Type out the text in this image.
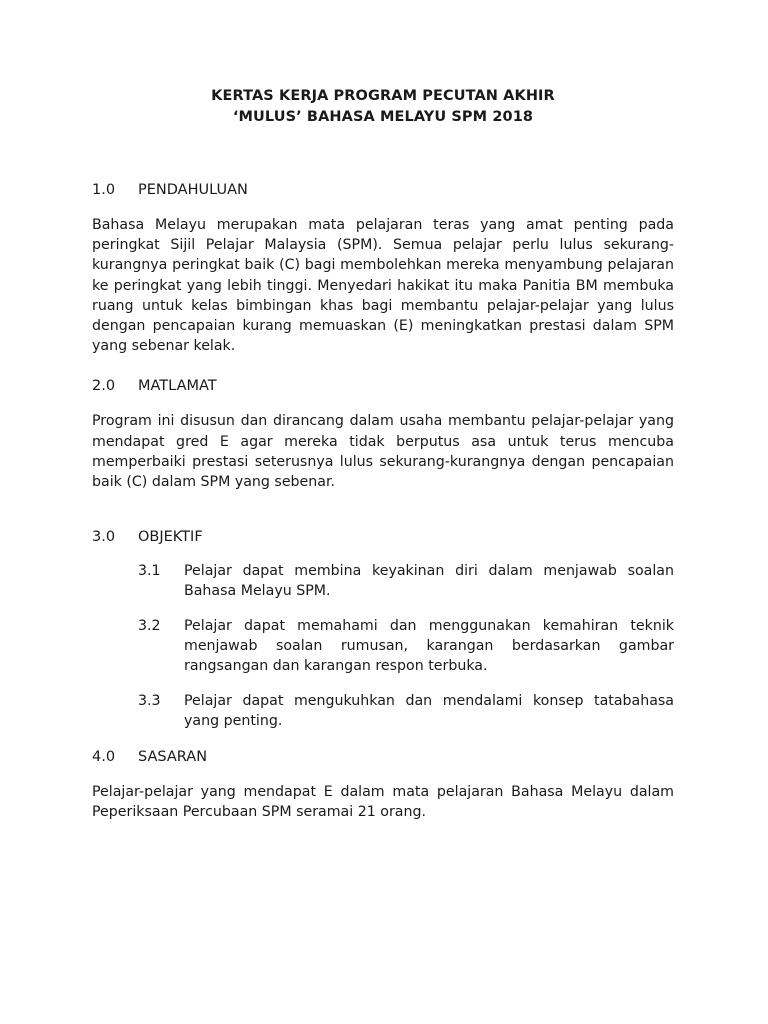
KERTAS KERJA PROGRAM PECUTAN AKHIR
‘MULUS’ BAHASA MELAYU SPM 2018
1.0	PENDAHULUAN

Bahasa Melayu merupakan mata pelajaran teras yang amat penting pada peringkat Sijil Pelajar Malaysia (SPM). Semua pelajar perlu lulus sekurang-kurangnya peringkat baik (C) bagi membolehkan mereka menyambung pelajaran ke peringkat yang lebih tinggi. Menyedari hakikat itu maka Panitia BM membuka ruang untuk kelas bimbingan khas bagi membantu pelajar-pelajar yang lulus dengan pencapaian kurang memuaskan (E) meningkatkan prestasi dalam SPM yang sebenar kelak.

2.0	MATLAMAT

Program ini disusun dan dirancang dalam usaha membantu pelajar-pelajar yang mendapat gred E agar mereka tidak berputus asa untuk terus mencuba memperbaiki prestasi seterusnya lulus sekurang-kurangnya dengan pencapaian baik (C) dalam SPM yang sebenar.

3.0	OBJEKTIF
3.1	Pelajar dapat membina keyakinan diri dalam menjawab soalan Bahasa Melayu SPM.
3.2	Pelajar dapat memahami dan menggunakan kemahiran teknik menjawab soalan rumusan, karangan berdasarkan gambar rangsangan dan karangan respon terbuka.
3.3	Pelajar dapat mengukuhkan dan mendalami konsep tatabahasa yang penting.
4.0	SASARAN

Pelajar-pelajar yang mendapat E dalam mata pelajaran Bahasa Melayu dalam Peperiksaan Percubaan SPM seramai 21 orang.
